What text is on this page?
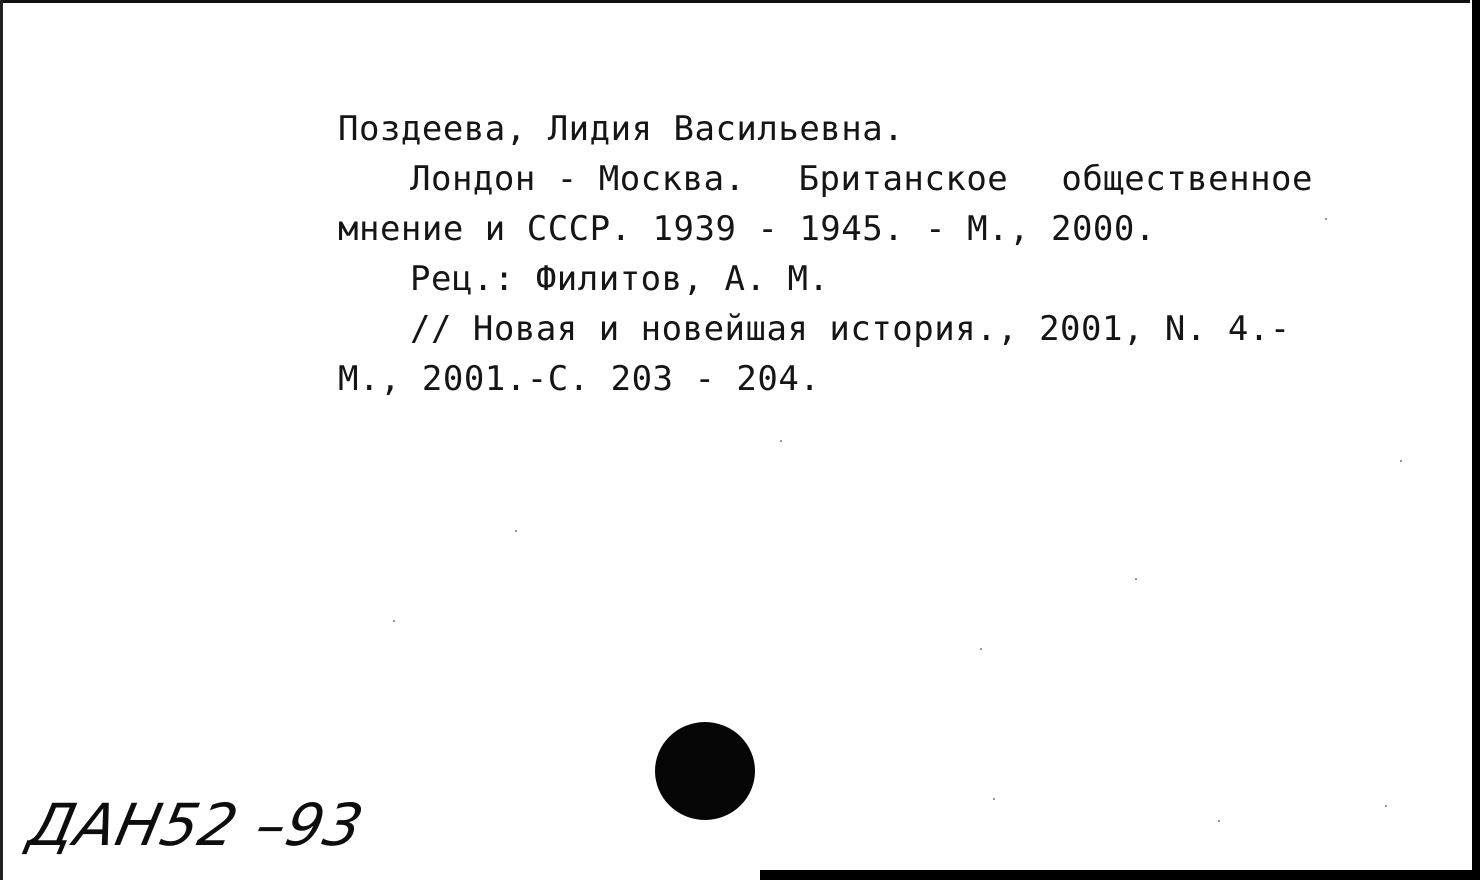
Поздеева, Лидия Васильевна.
Лондон - Москва. Британское общественное
мнение и СССР. 1939 - 1945. - М., 2000.
Рец.: Филитов, А. М.
// Новая и новейшая история., 2001, N. 4.-
М., 2001.-С. 203 - 204.
ДАН52 –93
